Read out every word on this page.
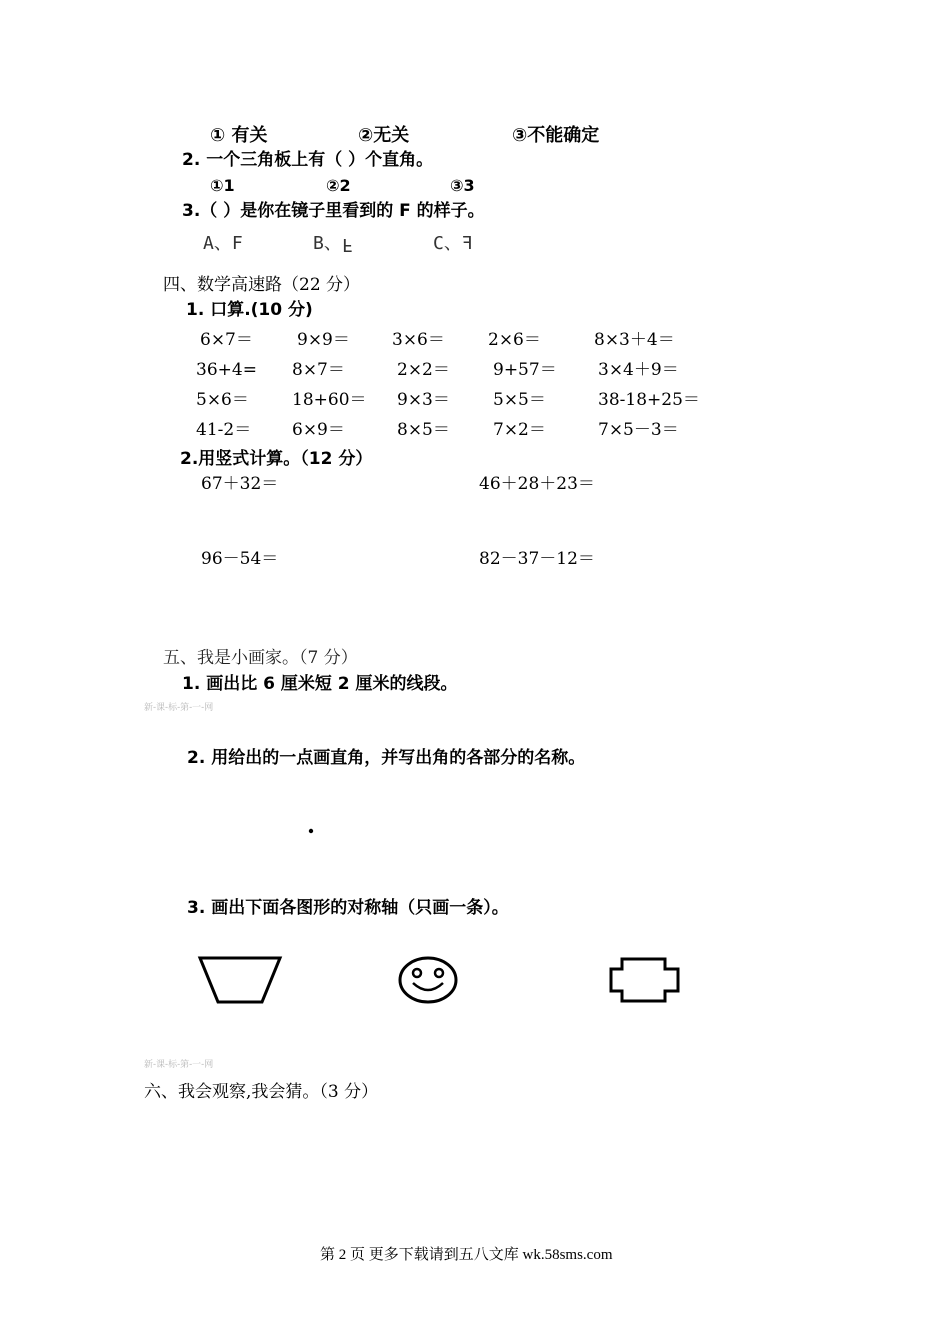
① 有关	②无关	③不能确定
2. 一个三角板上有（ ）个直角。
①1	②2	③3
3.（ ）是你在镜子里看到的 F 的样子。
A、F	B、F	C、F
四、数学高速路（22 分）
1. 口算.(10 分)
6×7＝	9×9＝ 3×6＝	2×6＝	8×3＋4＝
36+4= 8×7＝	2×2＝	9+57＝ 3×4＋9＝
5×6＝	18+60＝ 9×3＝	5×5＝	38-18+25＝
41-2＝ 6×9＝	8×5＝	7×2＝	7×5－3＝
2.用竖式计算。（12 分）
67＋32＝	46＋28＋23＝
96－54＝	82－37－12＝
五、我是小画家。（7 分）
1. 画出比 6 厘米短 2 厘米的线段。
新-课-标-第-一-网
2. 用给出的一点画直角，并写出角的各部分的名称。
3. 画出下面各图形的对称轴（只画一条）。
新-课-标-第-一-网
六、我会观察,我会猜。（3 分）
第 2 页 更多下载请到五八文库 wk.58sms.com
